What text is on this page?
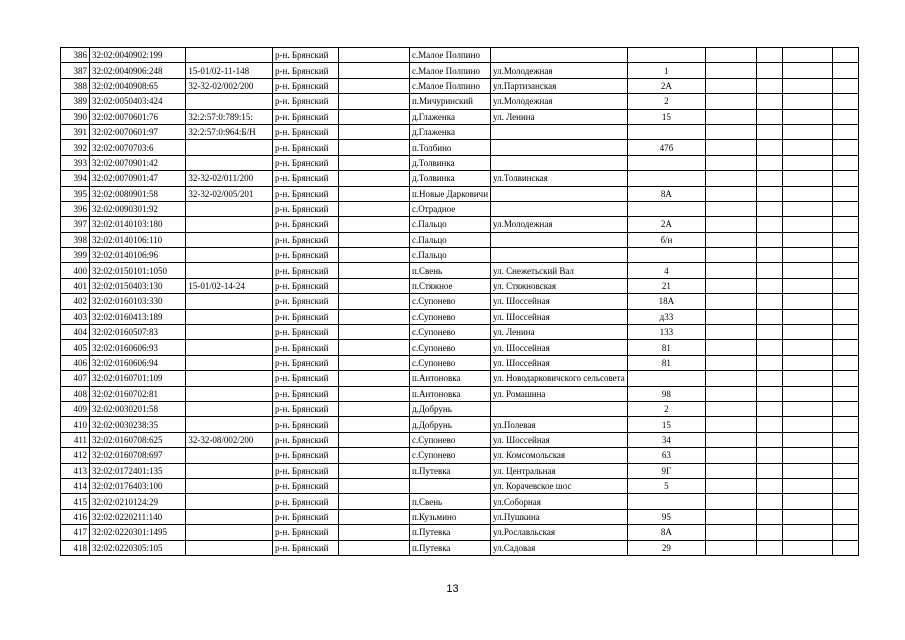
386	32:02:0040902:199		р-н. Брянский		с.Малое Полпино						
387	32:02:0040906:248	15-01/02-11-148	р-н. Брянский		с.Малое Полпино	ул.Молодежная	1				
388	32:02:0040908:65	32-32-02/002/200	р-н. Брянский		с.Малое Полпино	ул.Партизанская	2А				
389	32:02:0050403:424		р-н. Брянский		п.Мичуринский	ул.Молодежная	2				
390	32:02:0070601:76	32:2:57:0:789:15:	р-н. Брянский		д.Глаженка	ул. Ленина	15				
391	32:02:0070601:97	32:2:57:0:964:Б/Н	р-н. Брянский		д.Глаженка						
392	32:02:0070703:6		р-н. Брянский		п.Толбино		47б				
393	32:02:0070901:42		р-н. Брянский		д.Толвинка						
394	32:02:0070901:47	32-32-02/011/200	р-н. Брянский		д.Толвинка	ул.Толвинская					
395	32:02:0080901:58	32-32-02/005/201	р-н. Брянский		п.Новые Дарковичи		8А				
396	32:02:0090301:92		р-н. Брянский		с.Отрадное						
397	32:02:0140103:180		р-н. Брянский		с.Пальцо	ул.Молодежная	2А				
398	32:02:0140106:110		р-н. Брянский		с.Пальцо		б/н				
399	32:02:0140106:96		р-н. Брянский		с.Пальцо						
400	32:02:0150101:1050		р-н. Брянский		п.Свень	ул. Снежетьский Вал	4				
401	32:02:0150403:130	15-01/02-14-24	р-н. Брянский		п.Стяжное	ул. Стяжновская	21				
402	32:02:0160103:330		р-н. Брянский		с.Супонево	ул. Шоссейная	18А				
403	32:02:0160413:189		р-н. Брянский		с.Супонево	ул. Шоссейная	д33				
404	32:02:0160507:83		р-н. Брянский		с.Супонево	ул. Ленина	133				
405	32:02:0160606:93		р-н. Брянский		с.Супонево	ул. Шоссейная	81				
406	32:02:0160606:94		р-н. Брянский		с.Супонево	ул. Шоссейная	81				
407	32:02:0160701:109		р-н. Брянский		п.Антоновка	ул. Новодарковичского сельсовета					
408	32:02:0160702:81		р-н. Брянский		п.Антоновка	ул. Ромашина	98				
409	32:02:0030201:58		р-н. Брянский		д.Добрунь		2				
410	32:02:0030238:35		р-н. Брянский		д.Добрунь	ул.Полевая	15				
411	32:02:0160708:625	32-32-08/002/200	р-н. Брянский		с.Супонево	ул. Шоссейная	34				
412	32:02:0160708:697		р-н. Брянский		с.Супонево	ул. Комсомольская	63				
413	32:02:0172401:135		р-н. Брянский		п.Путевка	ул. Центральная	9Г				
414	32:02:0176403:100		р-н. Брянский			ул. Корачевское шос	5				
415	32:02:0210124:29		р-н. Брянский		п.Свень	ул.Соборная					
416	32:02:0220211:140		р-н. Брянский		п.Кузьмино	ул.Пушкина	95				
417	32:02:0220301:1495		р-н. Брянский		п.Путевка	ул.Рославльская	8А				
418	32:02:0220305:105		р-н. Брянский		п.Путевка	ул.Садовая	29				
13
